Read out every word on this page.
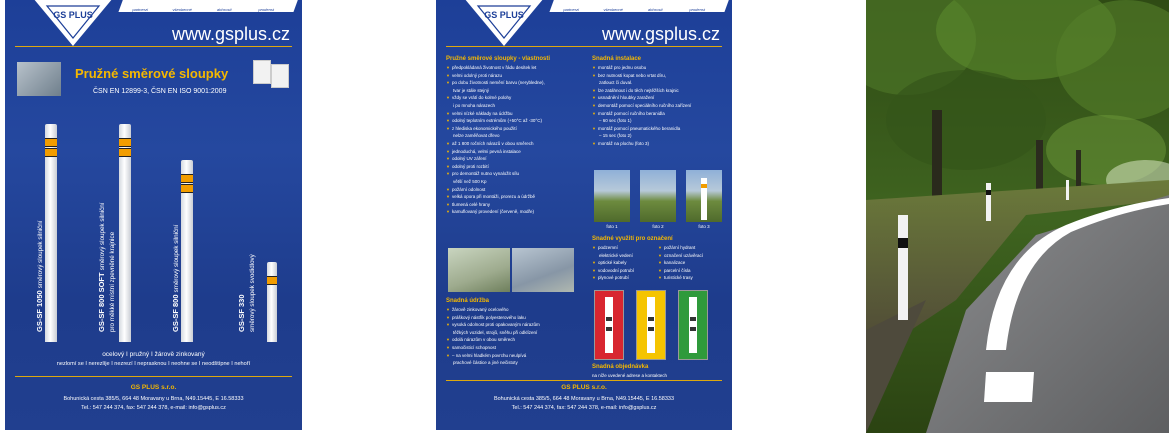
GS PLUS
partnerzi	všeobecné	akčnosti	prodenst
www.gsplus.cz
Pružné směrové sloupky
ČSN EN 12899-3, ČSN EN ISO 9001:2009
GS-SF 1050 směrový sloupek silniční
GS-SF 800 SOFT směrový sloupek silniční pro měkké místní zpevněné krajnice	GS-SF 800 směrový sloupek silniční
GS-SF 330 směrový sloupek svodidlový
ocelový I pružný I žárově zinkovaný
nezlomí se I nerezlíje I nezrezí I neprasknou I neohne se I neodštípne I nehoří
GS PLUS s.r.o.
Bohunická cesta 385/5, 664 48 Moravany u Brna, N49.15445, E 16.58333
Tel.: 547 244 374, fax: 547 244 378, e-mail: info@gsplus.cz
GS PLUS
partnerzi	všeobecné	akčnosti	prodenst
www.gsplus.cz
Pružné směrové sloupky - vlastnosti
▼ předpokládaná životnost v řádu desítek let
▼ velmi odolný proti nárazu
▼ po dobu životnosti nemění barvu (nerybledne),
tvar je stále stejný
▼ vždy se vrátí do kolmé polohy
i po mnoha nárazech
▼ velmi nízké náklady na údržbu
▼ odolný teplotním extrémům (+50°C až -30°C)
▼ z hlediska ekonomického použití
nelze zaměňovat dřevo
▼ až 1 800 ročních nárazů v obou směrech
▼ jednoduchá, velmi pevná instalace
▼ odolný UV záření
▼ odolný proti rozbití
▼ pro demontáž nutno vynaložit sílu
větší než 500 Kp
▼ požární odolnost
▼ velká opora při montáži, prorezu a údržbě
▼ tlumená celé hrany
▼ kamuflovaný provedení (červeně, modře)
Snadná instalace
▼ montáž pro jednu osobu
▼ bez nutnosti kopat nebo vrtat díru,
zatlouct či duval.
▼ lze zatáhnout i do těch nejtěžších krajnic
▼ usnadnění hloubky zaražení
▼ demontáž pomocí speciálního ručního zařízení
▼ montáž pomocí ručního beranidla
– 60 sec (foto 1)
▼ montáž pomocí pneumatického beranidla
– 15 sec (foto 2)
▼ montáž na plochu (foto 3)
foto 1	foto 2	foto 3
Snadné využití pro označení
▼ podzemní
elektrické vedení
▼ optické kabely
▼ vodovodní potrubí
▼ plynové potrubí
▼ požární hydrant
▼ označení uzávěrací
▼ kanalizace
▼ parcelní čísla
▼ turistické trasy
Snadná údržba
▼ žárově zinkovaný ocelového
▼ práškový nástřik polyesterového laku
▼ vysoká odolnost proti opakovaným nárazům
těžkých vozidel, strojů, sněhu při odklízení
▼ odolá nárazům v obou směrech
▼ samočisticí schopnost
▼ – na velmi hladkém povrchu neulpívá
prachové částice a jiné nečistoty
Snadná objednávka
na níže uvedené adrese a kontaktech
GS PLUS s.r.o.
Bohunická cesta 385/5, 664 48 Moravany u Brna, N49.15445, E 16.58333
Tel.: 547 244 374, fax: 547 244 378, e-mail: info@gsplus.cz
